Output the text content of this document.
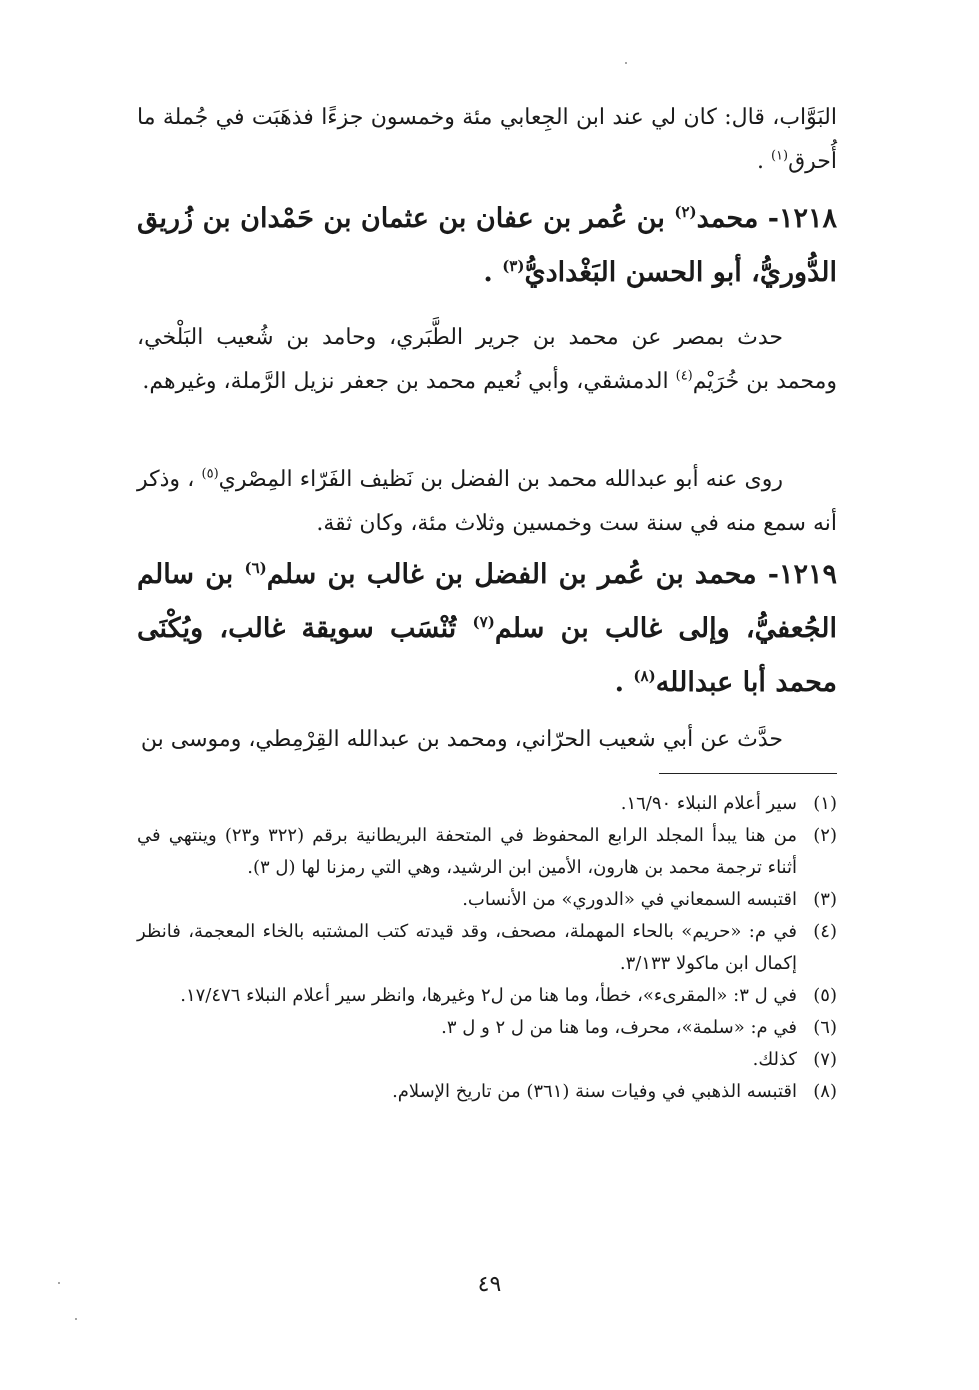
البَوَّاب، قال: كان لي عند ابن الجِعابي مئة وخمسون جزءًا فذهَبَت في جُملة ما أُحرق$^{(١)}$ .
١٢١٨- محمد$^{(٢)}$ بن عُمر بن عفان بن عثمان بن حَمْدان بن زُريق الدُّوريُّ، أبو الحسن البَغْداديُّ$^{(٣)}$ .
حدث بمصر عن محمد بن جرير الطَّبَري، وحامد بن شُعيب البَلْخي، ومحمد بن خُرَيْم$^{(٤)}$ الدمشقي، وأبي نُعيم محمد بن جعفر نزيل الرَّملة، وغيرهم.
روى عنه أبو عبدالله محمد بن الفضل بن نَظيف الفَرّاء المِصْري$^{(٥)}$ ، وذكر أنه سمع منه في سنة ست وخمسين وثلاث مئة، وكان ثقة.
١٢١٩- محمد بن عُمر بن الفضل بن غالب بن سلم$^{(٦)}$ بن سالم الجُعفيُّ، وإلى غالب بن سلم$^{(٧)}$ تُنْسَب سويقة غالب، ويُكْنَى محمد أبا عبدالله$^{(٨)}$ .
حدَّث عن أبي شعيب الحرّاني، ومحمد بن عبدالله القِرْمِطي، وموسى بن
(١)
سير أعلام النبلاء ١٦/٩٠.
(٢)
من هنا يبدأ المجلد الرابع المحفوظ في المتحفة البريطانية برقم (٣٢٢ و٢٣) وينتهي في أثناء ترجمة محمد بن هارون، الأمين ابن الرشيد، وهي التي رمزنا لها (ل ٣).
(٣)
اقتبسه السمعاني في «الدوري» من الأنساب.
(٤)
في م: «حريم» بالحاء المهملة، مصحف، وقد قيدته كتب المشتبه بالخاء المعجمة، فانظر إكمال ابن ماكولا ٣/١٣٣.
(٥)
في ل ٣: «المقرىء»، خطأ، وما هنا من ل٢ وغيرها، وانظر سير أعلام النبلاء ١٧/٤٧٦.
(٦)
في م: «سلمة»، محرف، وما هنا من ل ٢ و ل ٣.
(٧)
كذلك.
(٨)
اقتبسه الذهبي في وفيات سنة (٣٦١) من تاريخ الإسلام.
٤٩
